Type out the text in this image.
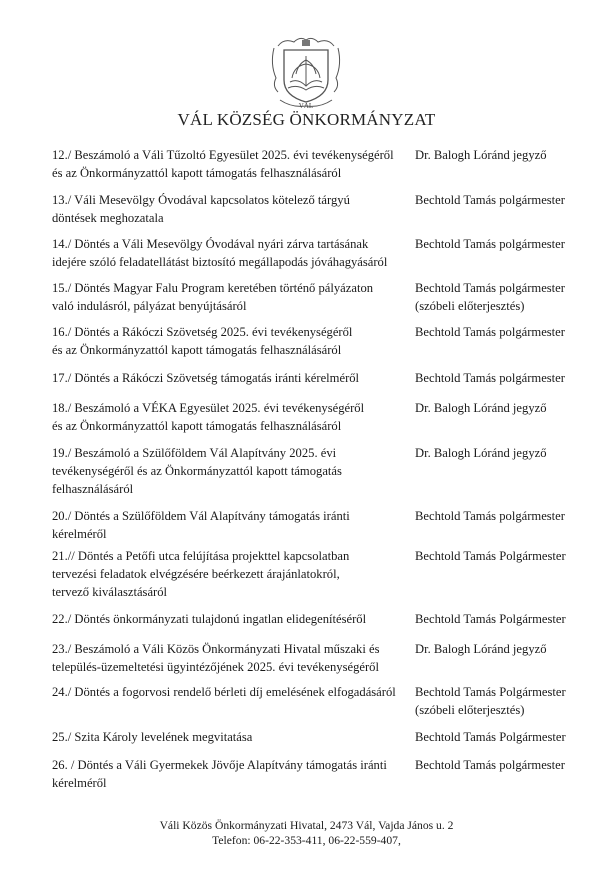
VÁL
VÁL KÖZSÉG ÖNKORMÁNYZAT
12./ Beszámoló a Váli Tűzoltó Egyesület 2025. évi tevékenységéről
és az Önkormányzattól kapott támogatás felhasználásáról
Dr. Balogh Lóránd jegyző
13./ Váli Mesevölgy Óvodával kapcsolatos kötelező tárgyú
döntések meghozatala
Bechtold Tamás polgármester
14./ Döntés a Váli Mesevölgy Óvodával nyári zárva tartásának
idejére szóló feladatellátást biztosító megállapodás jóváhagyásáról
Bechtold Tamás polgármester
15./ Döntés Magyar Falu Program keretében történő pályázaton
való indulásról, pályázat benyújtásáról
Bechtold Tamás polgármester
(szóbeli előterjesztés)
16./ Döntés a Rákóczi Szövetség 2025. évi tevékenységéről
és az Önkormányzattól kapott támogatás felhasználásáról
Bechtold Tamás polgármester
17./ Döntés a Rákóczi Szövetség támogatás iránti kérelméről	Bechtold Tamás polgármester
18./ Beszámoló a VÉKA Egyesület 2025. évi tevékenységéről
és az Önkormányzattól kapott támogatás felhasználásáról
Dr. Balogh Lóránd jegyző
19./ Beszámoló a Szülőföldem Vál Alapítvány 2025. évi
tevékenységéről és az Önkormányzattól kapott támogatás
felhasználásáról
Dr. Balogh Lóránd jegyző
20./ Döntés a Szülőföldem Vál Alapítvány támogatás iránti
kérelméről
Bechtold Tamás polgármester
21.// Döntés a Petőfi utca felújítása projekttel kapcsolatban
tervezési feladatok elvégzésére beérkezett árajánlatokról,
tervező kiválasztásáról
Bechtold Tamás Polgármester
22./ Döntés önkormányzati tulajdonú ingatlan elidegenítéséről	Bechtold Tamás Polgármester
23./ Beszámoló a Váli Közös Önkormányzati Hivatal műszaki és
település-üzemeltetési ügyintézőjének 2025. évi tevékenységéről
Dr. Balogh Lóránd jegyző
24./ Döntés a fogorvosi rendelő bérleti díj emelésének elfogadásáról	Bechtold Tamás Polgármester
(szóbeli előterjesztés)
25./ Szita Károly levelének megvitatása	Bechtold Tamás Polgármester
26. / Döntés a Váli Gyermekek Jövője Alapítvány támogatás iránti
kérelméről
Bechtold Tamás polgármester
Váli Közös Önkormányzati Hivatal, 2473 Vál, Vajda János u. 2
Telefon: 06-22-353-411, 06-22-559-407,
